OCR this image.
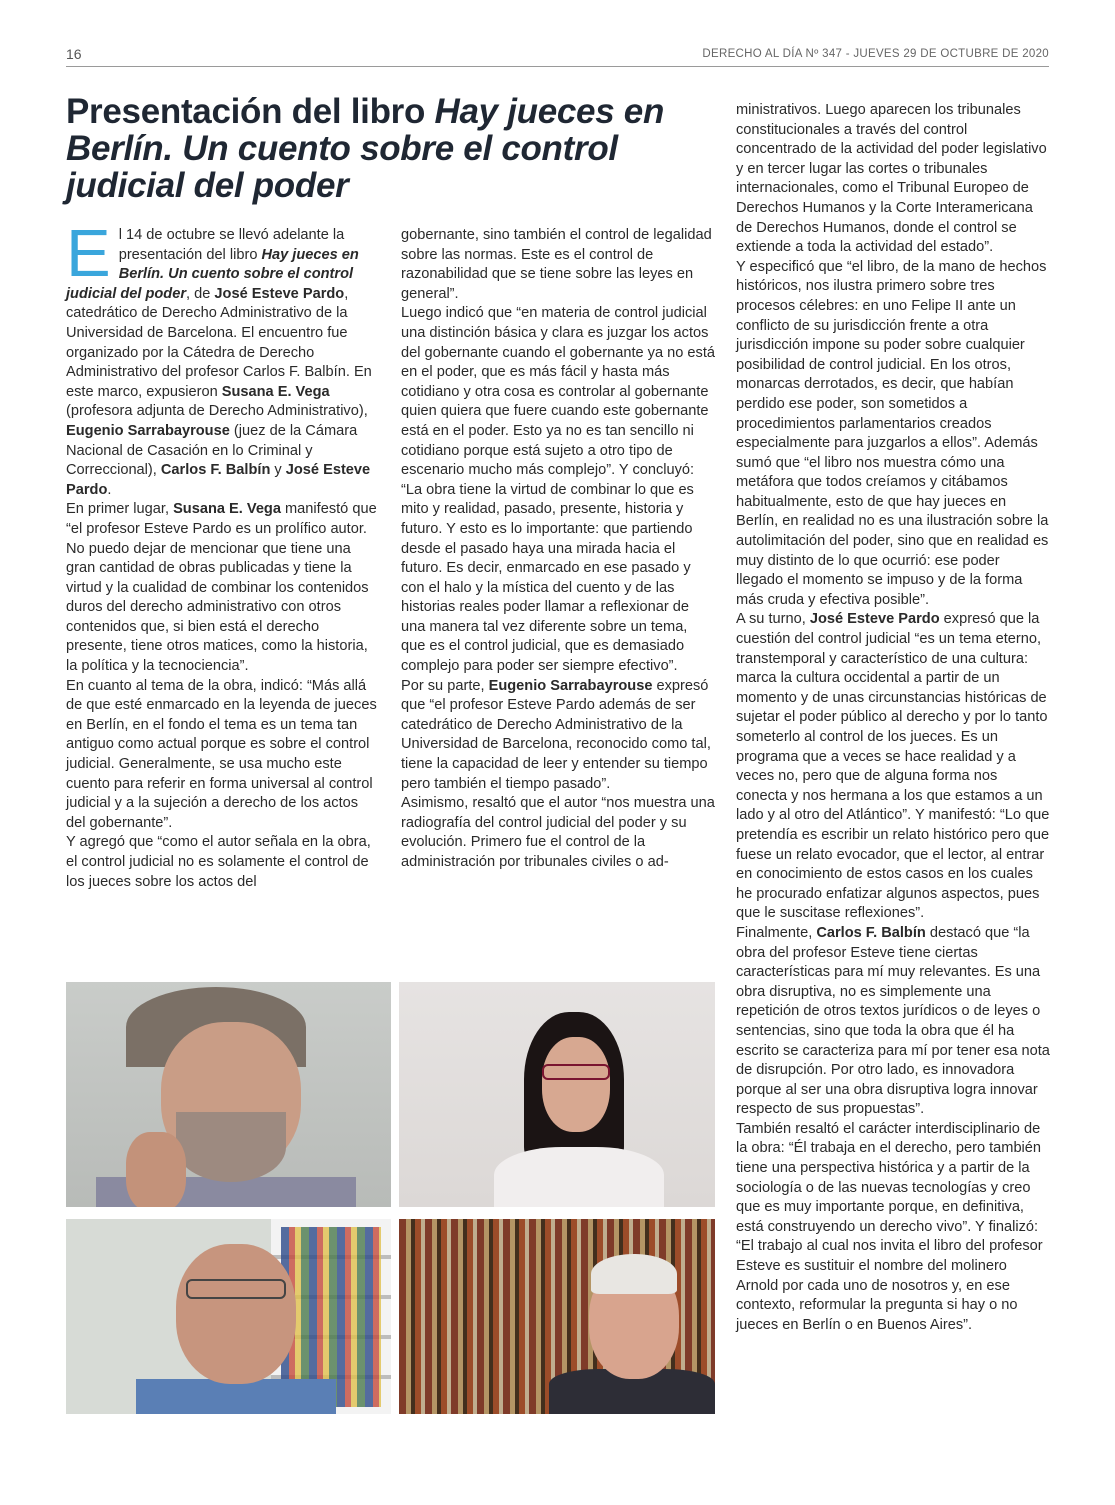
16	DERECHO AL DÍA Nº 347 - JUEVES 29 DE OCTUBRE DE 2020
Presentación del libro Hay jueces en Berlín. Un cuento sobre el control judicial del poder

El 14 de octubre se llevó adelante la presentación del libro Hay jueces en Berlín. Un cuento sobre el control judicial del poder, de José Esteve Pardo, catedrático de Derecho Administrativo de la Universidad de Barcelona. El encuentro fue organizado por la Cátedra de Derecho Administrativo del profesor Carlos F. Balbín. En este marco, expusieron Susana E. Vega (profesora adjunta de Derecho Administrativo), Eugenio Sarrabayrouse (juez de la Cámara Nacional de Casación en lo Criminal y Correccional), Carlos F. Balbín y José Esteve Pardo.

En primer lugar, Susana E. Vega manifestó que “el profesor Esteve Pardo es un prolífico autor. No puedo dejar de mencionar que tiene una gran cantidad de obras publicadas y tiene la virtud y la cualidad de combinar los contenidos duros del derecho administrativo con otros contenidos que, si bien está el derecho presente, tiene otros matices, como la historia, la política y la tecnociencia”.

En cuanto al tema de la obra, indicó: “Más allá de que esté enmarcado en la leyenda de jueces en Berlín, en el fondo el tema es un tema tan antiguo como actual porque es sobre el control judicial. Generalmente, se usa mucho este cuento para referir en forma universal al control judicial y a la sujeción a derecho de los actos del gobernante”.

Y agregó que “como el autor señala en la obra, el control judicial no es solamente el control de los jueces sobre los actos del

gobernante, sino también el control de legalidad sobre las normas. Este es el control de razonabilidad que se tiene sobre las leyes en general”.

Luego indicó que “en materia de control judicial una distinción básica y clara es juzgar los actos del gobernante cuando el gobernante ya no está en el poder, que es más fácil y hasta más cotidiano y otra cosa es controlar al gobernante quien quiera que fuere cuando este gobernante está en el poder. Esto ya no es tan sencillo ni cotidiano porque está sujeto a otro tipo de escenario mucho más complejo”. Y concluyó: “La obra tiene la virtud de combinar lo que es mito y realidad, pasado, presente, historia y futuro. Y esto es lo importante: que partiendo desde el pasado haya una mirada hacia el futuro. Es decir, enmarcado en ese pasado y con el halo y la mística del cuento y de las historias reales poder llamar a reflexionar de una manera tal vez diferente sobre un tema, que es el control judicial, que es demasiado complejo para poder ser siempre efectivo”.

Por su parte, Eugenio Sarrabayrouse expresó que “el profesor Esteve Pardo además de ser catedrático de Derecho Administrativo de la Universidad de Barcelona, reconocido como tal, tiene la capacidad de leer y entender su tiempo pero también el tiempo pasado”.

Asimismo, resaltó que el autor “nos muestra una radiografía del control judicial del poder y su evolución. Primero fue el control de la administración por tribunales civiles o ad-

ministrativos. Luego aparecen los tribunales constitucionales a través del control concentrado de la actividad del poder legislativo y en tercer lugar las cortes o tribunales internacionales, como el Tribunal Europeo de Derechos Humanos y la Corte Interamericana de Derechos Humanos, donde el control se extiende a toda la actividad del estado”.

Y especificó que “el libro, de la mano de hechos históricos, nos ilustra primero sobre tres procesos célebres: en uno Felipe II ante un conflicto de su jurisdicción frente a otra jurisdicción impone su poder sobre cualquier posibilidad de control judicial. En los otros, monarcas derrotados, es decir, que habían perdido ese poder, son sometidos a procedimientos parlamentarios creados especialmente para juzgarlos a ellos”. Además sumó que “el libro nos muestra cómo una metáfora que todos creíamos y citábamos habitualmente, esto de que hay jueces en Berlín, en realidad no es una ilustración sobre la autolimitación del poder, sino que en realidad es muy distinto de lo que ocurrió: ese poder llegado el momento se impuso y de la forma más cruda y efectiva posible”.

A su turno, José Esteve Pardo expresó que la cuestión del control judicial “es un tema eterno, transtemporal y característico de una cultura: marca la cultura occidental a partir de un momento y de unas circunstancias históricas de sujetar el poder público al derecho y por lo tanto someterlo al control de los jueces. Es un programa que a veces se hace realidad y a veces no, pero que de alguna forma nos conecta y nos hermana a los que estamos a un lado y al otro del Atlántico”. Y manifestó: “Lo que pretendía es escribir un relato histórico pero que fuese un relato evocador, que el lector, al entrar en conocimiento de estos casos en los cuales he procurado enfatizar algunos aspectos, pues que le suscitase reflexiones”.

Finalmente, Carlos F. Balbín destacó que “la obra del profesor Esteve tiene ciertas características para mí muy relevantes. Es una obra disruptiva, no es simplemente una repetición de otros textos jurídicos o de leyes o sentencias, sino que toda la obra que él ha escrito se caracteriza para mí por tener esa nota de disrupción. Por otro lado, es innovadora porque al ser una obra disruptiva logra innovar respecto de sus propuestas”.

También resaltó el carácter interdisciplinario de la obra: “Él trabaja en el derecho, pero también tiene una perspectiva histórica y a partir de la sociología o de las nuevas tecnologías y creo que es muy importante porque, en definitiva, está construyendo un derecho vivo”. Y finalizó: “El trabajo al cual nos invita el libro del profesor Esteve es sustituir el nombre del molinero Arnold por cada uno de nosotros y, en ese contexto, reformular la pregunta si hay o no jueces en Berlín o en Buenos Aires”.
